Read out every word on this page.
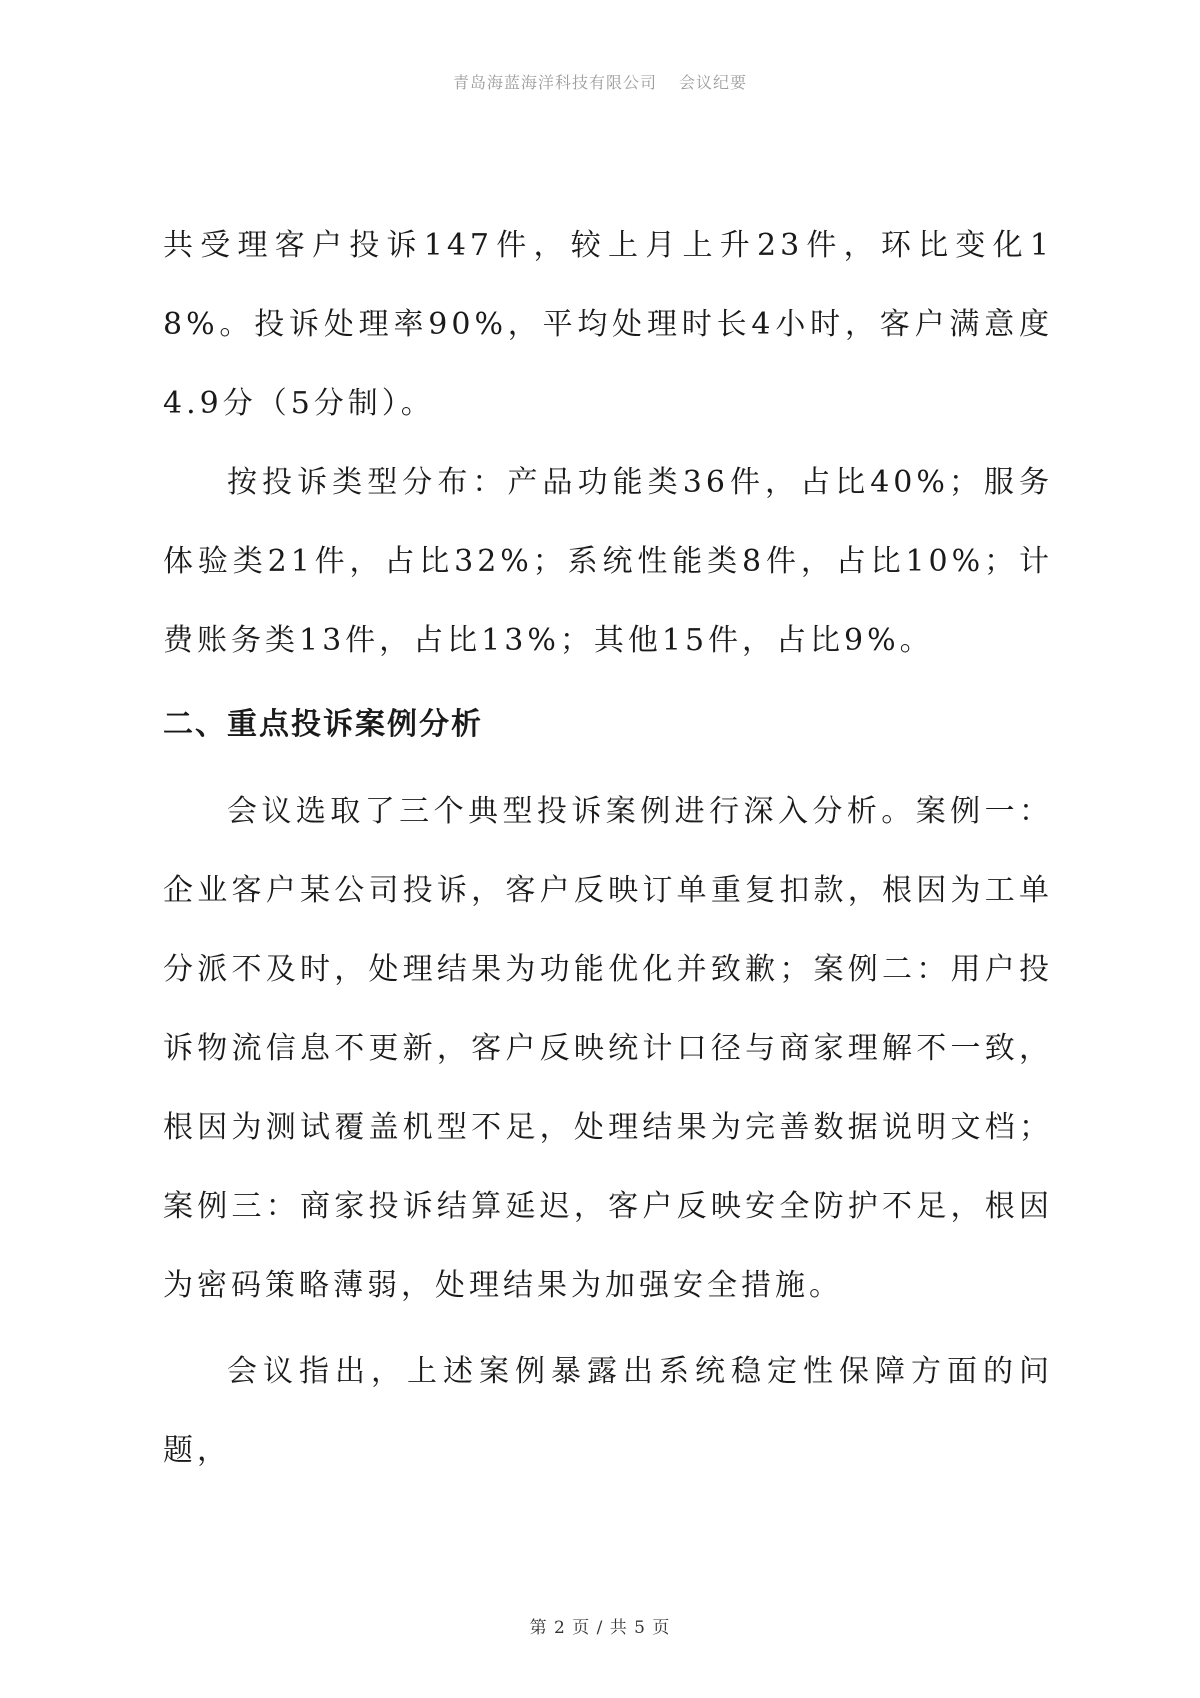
青岛海蓝海洋科技有限公司 会议纪要

共受理客户投诉147件，较上月上升23件，环比变化18%。投诉处理率90%，平均处理时长4小时，客户满意度4.9分（5分制）。

按投诉类型分布：产品功能类36件，占比40%；服务体验类21件，占比32%；系统性能类8件，占比10%；计费账务类13件，占比13%；其他15件，占比9%。

二、重点投诉案例分析

会议选取了三个典型投诉案例进行深入分析。案例一：企业客户某公司投诉，客户反映订单重复扣款，根因为工单分派不及时，处理结果为功能优化并致歉；案例二：用户投诉物流信息不更新，客户反映统计口径与商家理解不一致，根因为测试覆盖机型不足，处理结果为完善数据说明文档；案例三：商家投诉结算延迟，客户反映安全防护不足，根因为密码策略薄弱，处理结果为加强安全措施。

会议指出，上述案例暴露出系统稳定性保障方面的问题，

第 2 页 / 共 5 页
